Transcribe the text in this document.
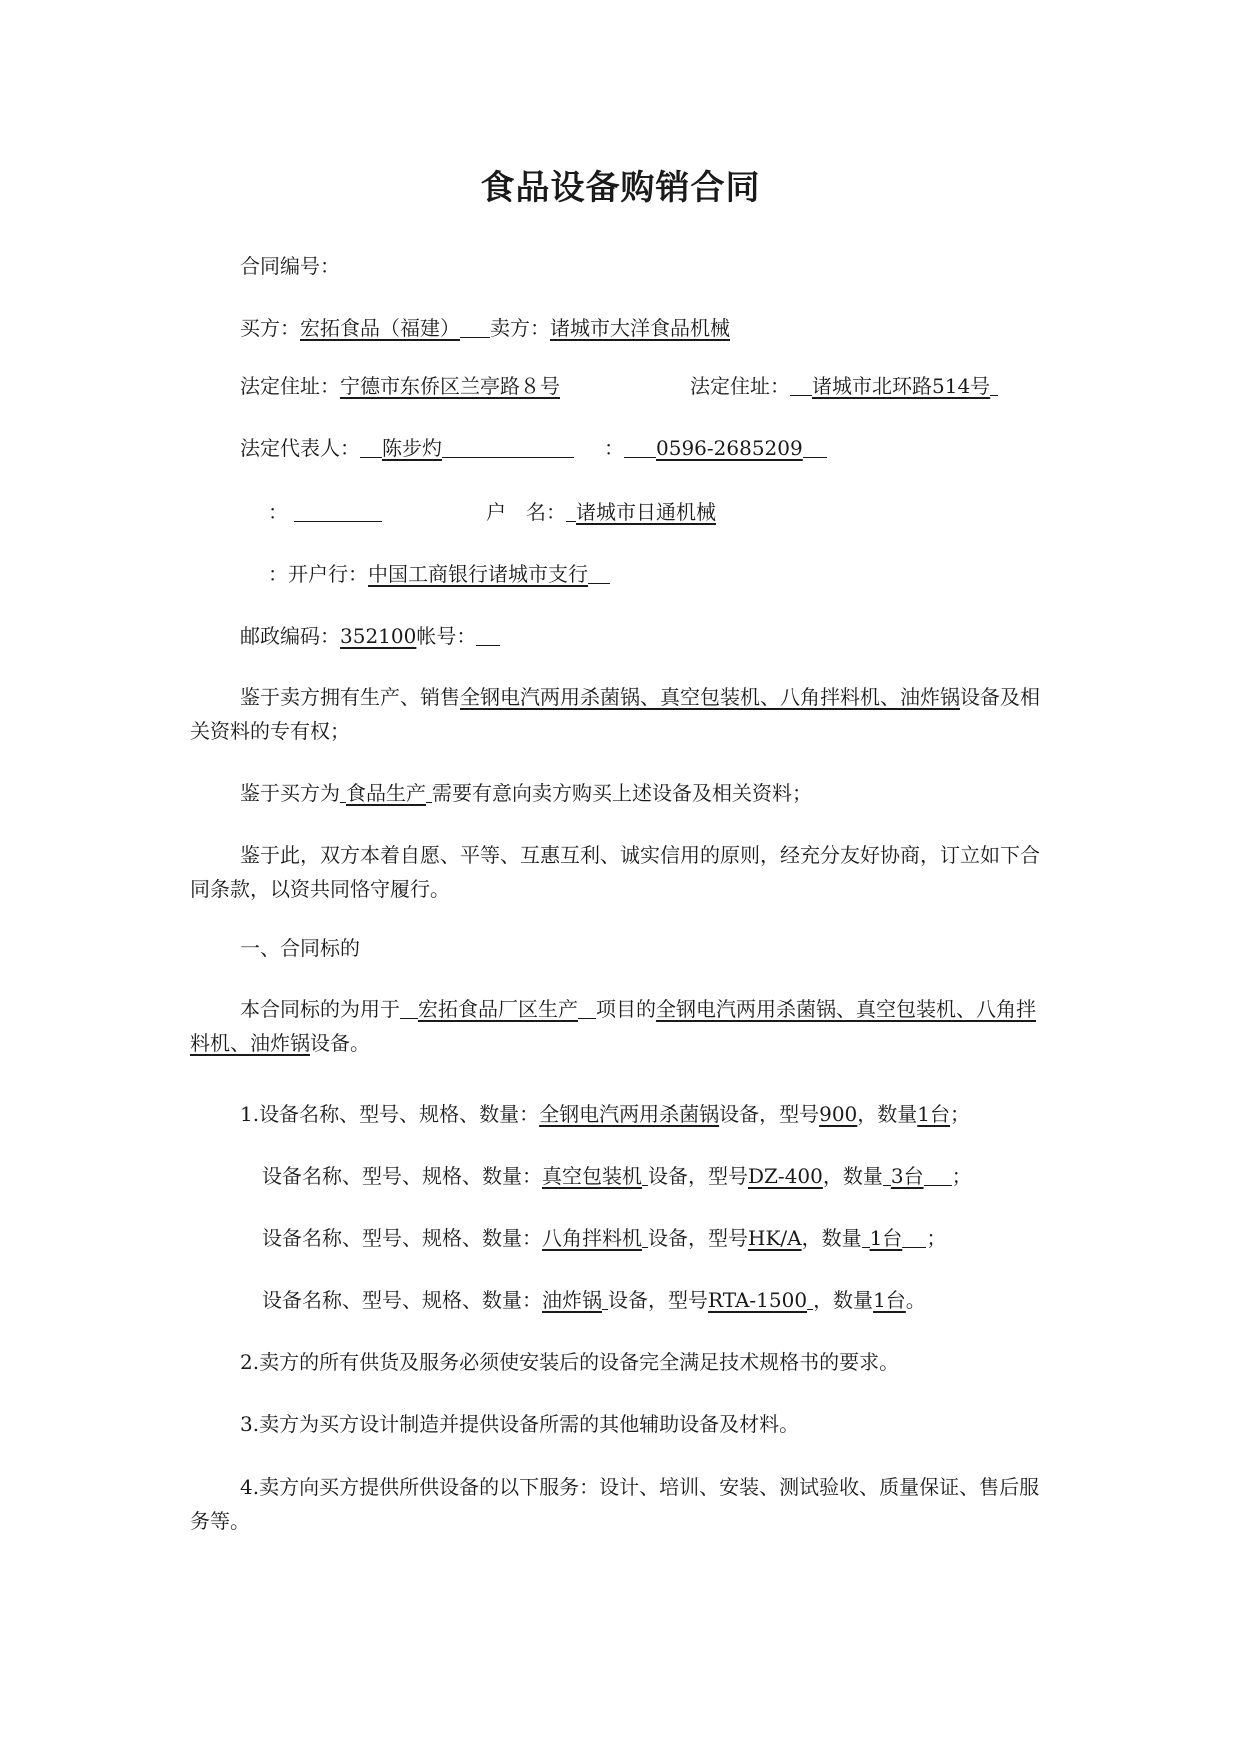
食品设备购销合同
合同编号：
买方：宏拓食品（福建） 卖方：诸城市大洋食品机械
法定住址：宁德市东侨区兰亭路８号	法定住址： 诸城市北环路514号
法定代表人： 陈步灼	： 0596-2685209
：	户　名： 诸城市日通机械
：开户行：中国工商银行诸城市支行
邮政编码：352100帐号：
鉴于卖方拥有生产、销售全钢电汽两用杀菌锅、真空包装机、八角拌料机、油炸锅设备及相关资料的专有权；
鉴于买方为 食品生产 需要有意向卖方购买上述设备及相关资料；
鉴于此，双方本着自愿、平等、互惠互利、诚实信用的原则，经充分友好协商，订立如下合同条款，以资共同恪守履行。
一、合同标的
本合同标的为用于 宏拓食品厂区生产 项目的全钢电汽两用杀菌锅、真空包装机、八角拌料机、油炸锅设备。
1.设备名称、型号、规格、数量：全钢电汽两用杀菌锅设备，型号900，数量1台；
设备名称、型号、规格、数量：真空包装机 设备，型号DZ-400，数量 3台 ；
设备名称、型号、规格、数量：八角拌料机 设备，型号HK/A，数量 1台 ；
设备名称、型号、规格、数量：油炸锅 设备，型号RTA-1500 ，数量1台。
2.卖方的所有供货及服务必须使安装后的设备完全满足技术规格书的要求。
3.卖方为买方设计制造并提供设备所需的其他辅助设备及材料。
4.卖方向买方提供所供设备的以下服务：设计、培训、安装、测试验收、质量保证、售后服务等。
